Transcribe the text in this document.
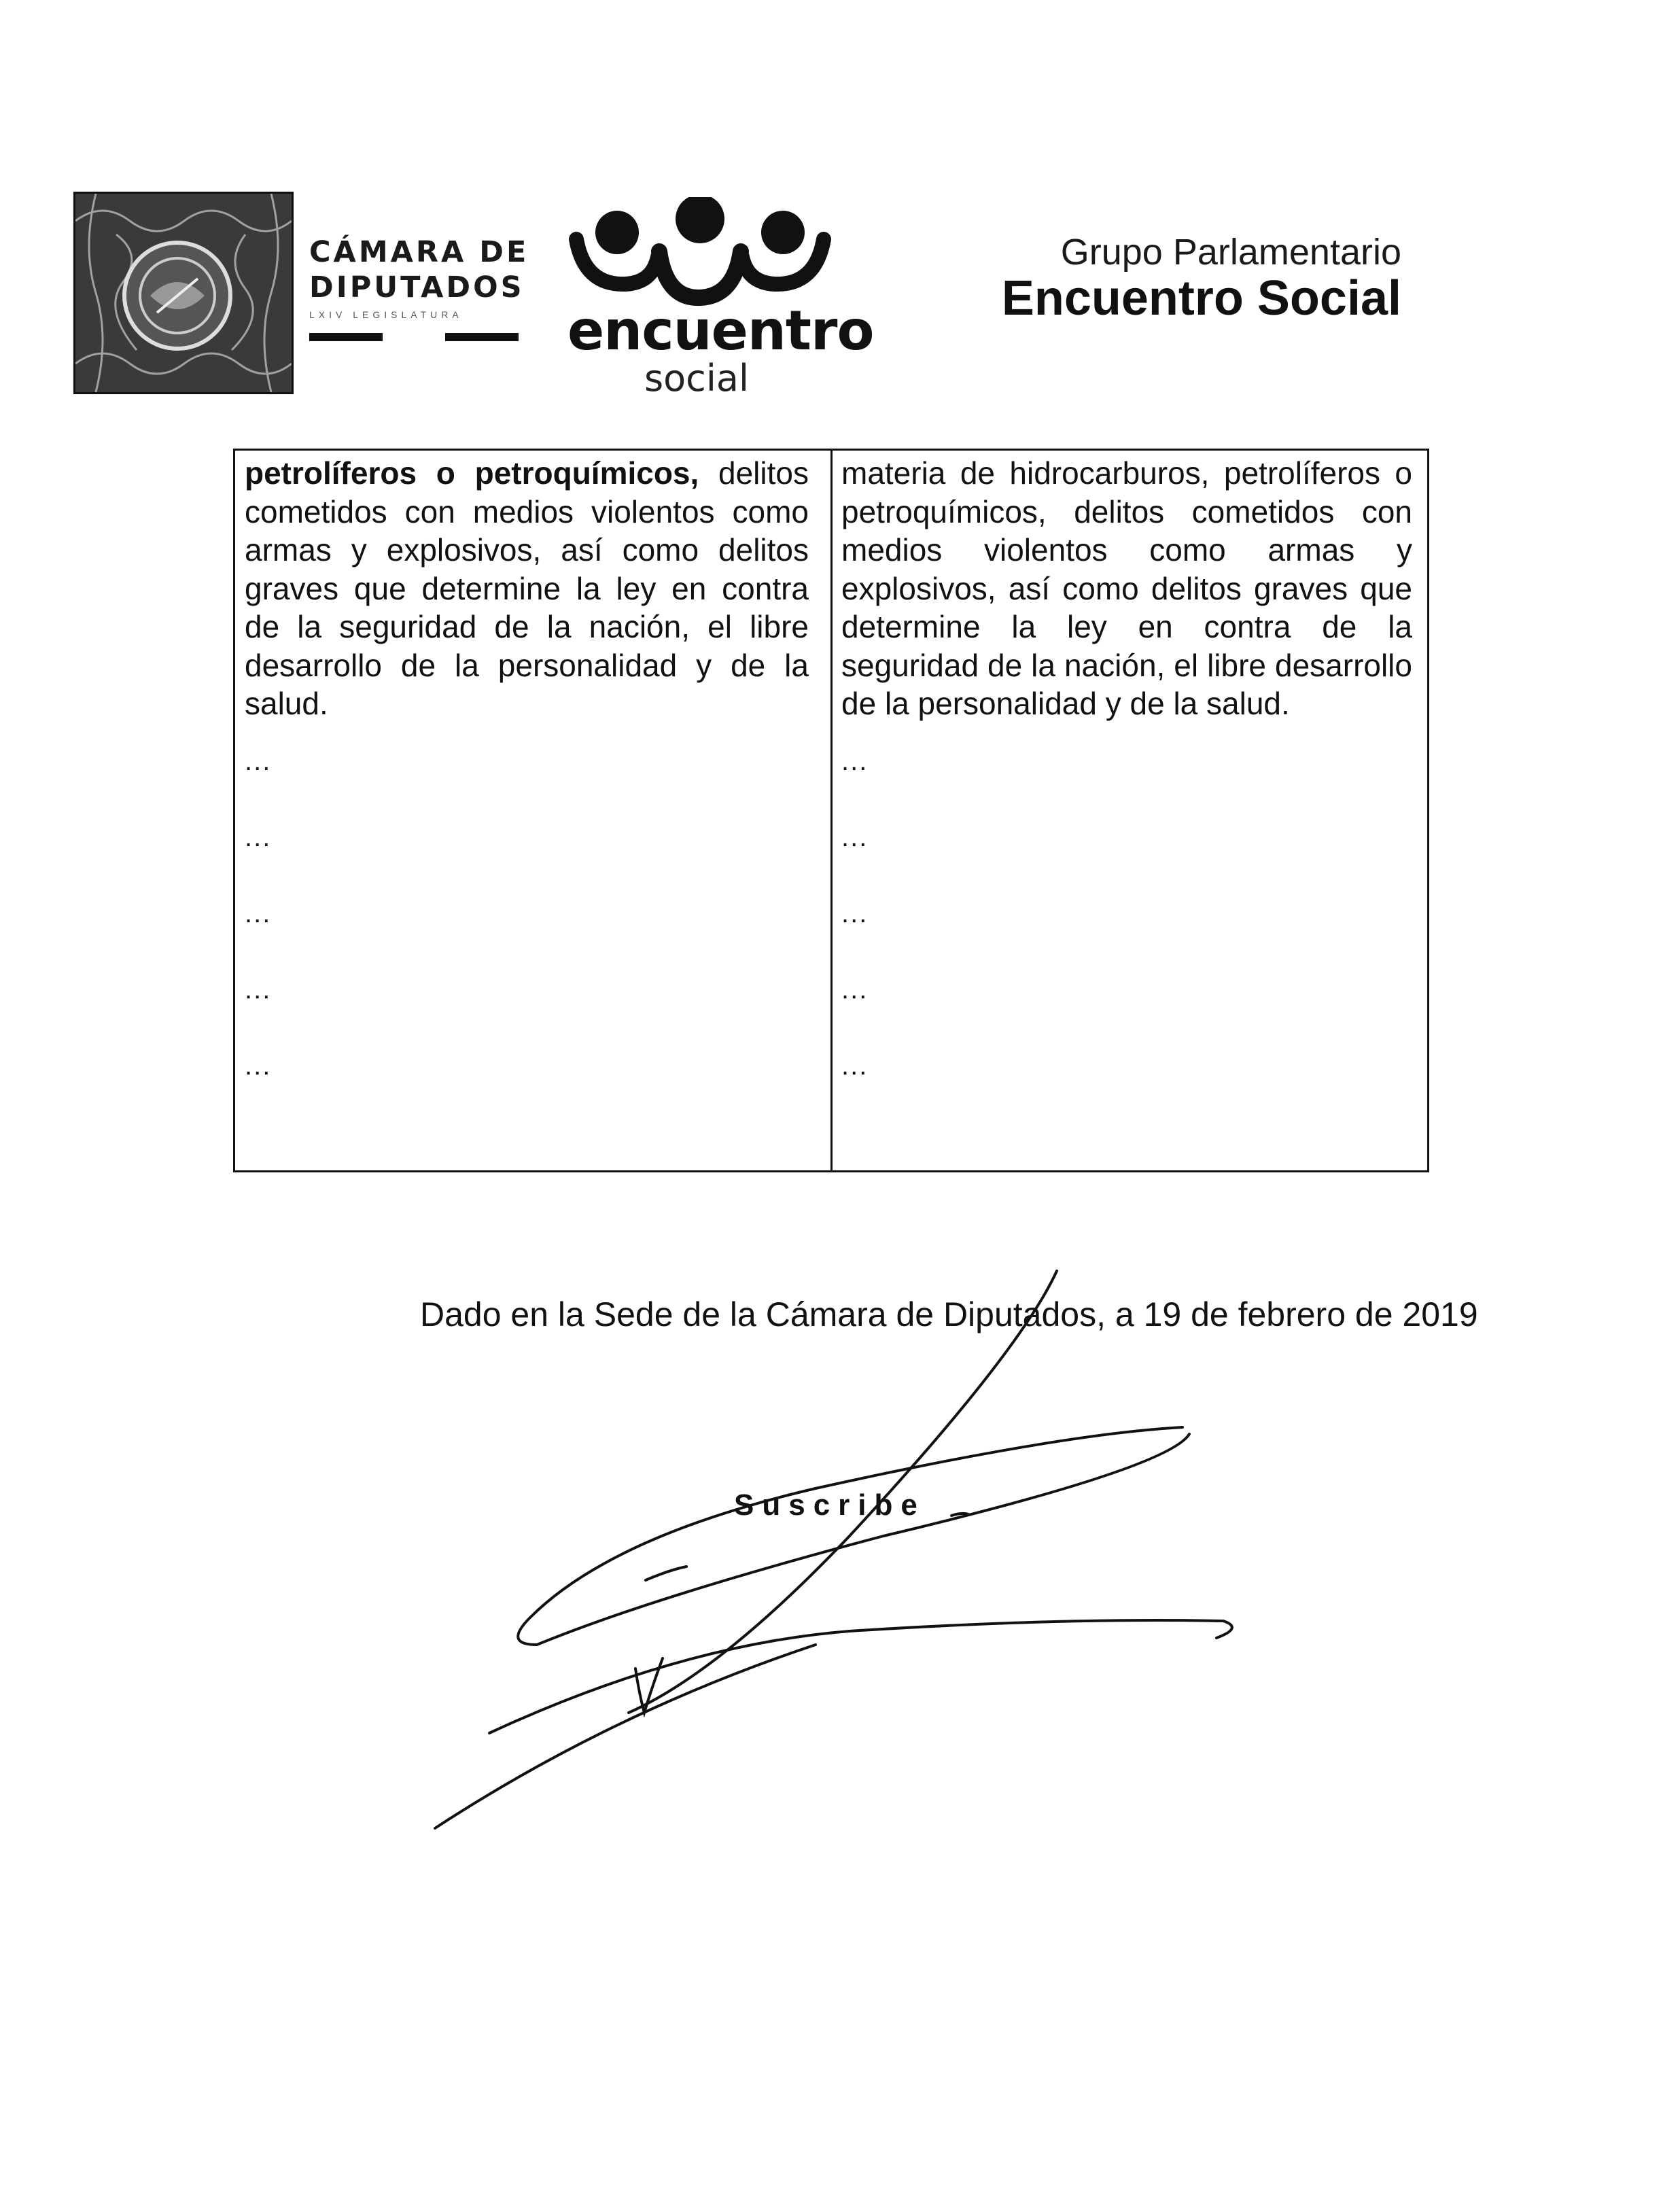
CÁMARA DE
DIPUTADOS
LXIV LEGISLATURA encuentro
social
Grupo Parlamentario
Encuentro Social
petrolíferos o petroquímicos, delitos cometidos con medios violentos como armas y explosivos, así como delitos graves que determine la ley en contra de la seguridad de la nación, el libre desarrollo de la personalidad y de la salud.
...
...
...
...
...
materia de hidrocarburos, petrolíferos o petroquímicos, delitos cometidos con medios violentos como armas y explosivos, así como delitos graves que determine la ley en contra de la seguridad de la nación, el libre desarrollo de la personalidad y de la salud.
...
...
...
...
...
Dado en la Sede de la Cámara de Diputados, a 19 de febrero de 2019
Suscribe
